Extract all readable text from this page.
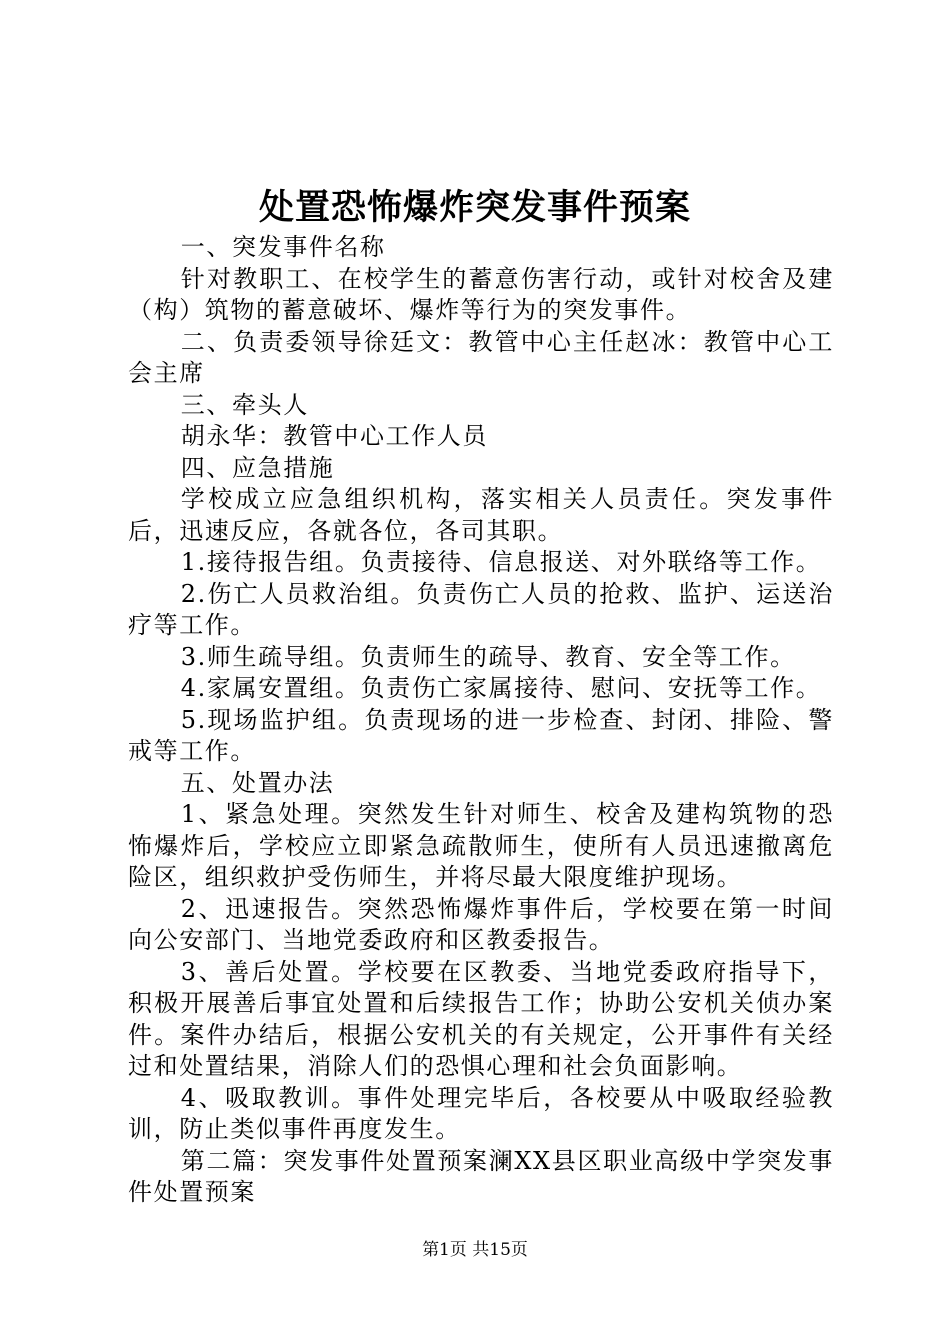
处置恐怖爆炸突发事件预案

一、突发事件名称

针对教职工、在校学生的蓄意伤害行动，或针对校舍及建（构）筑物的蓄意破坏、爆炸等行为的突发事件。

二、负责委领导徐廷文：教管中心主任赵冰：教管中心工会主席

三、牵头人

胡永华：教管中心工作人员

四、应急措施

学校成立应急组织机构，落实相关人员责任。突发事件后，迅速反应，各就各位，各司其职。

1.接待报告组。负责接待、信息报送、对外联络等工作。

2.伤亡人员救治组。负责伤亡人员的抢救、监护、运送治疗等工作。

3.师生疏导组。负责师生的疏导、教育、安全等工作。

4.家属安置组。负责伤亡家属接待、慰问、安抚等工作。

5.现场监护组。负责现场的进一步检查、封闭、排险、警戒等工作。

五、处置办法

1、紧急处理。突然发生针对师生、校舍及建构筑物的恐怖爆炸后，学校应立即紧急疏散师生，使所有人员迅速撤离危险区，组织救护受伤师生，并将尽最大限度维护现场。

2、迅速报告。突然恐怖爆炸事件后，学校要在第一时间向公安部门、当地党委政府和区教委报告。

3、善后处置。学校要在区教委、当地党委政府指导下，积极开展善后事宜处置和后续报告工作；协助公安机关侦办案件。案件办结后，根据公安机关的有关规定，公开事件有关经过和处置结果，消除人们的恐惧心理和社会负面影响。

4、吸取教训。事件处理完毕后，各校要从中吸取经验教训，防止类似事件再度发生。

第二篇：突发事件处置预案澜XX县区职业高级中学突发事件处置预案

第1页 共15页
